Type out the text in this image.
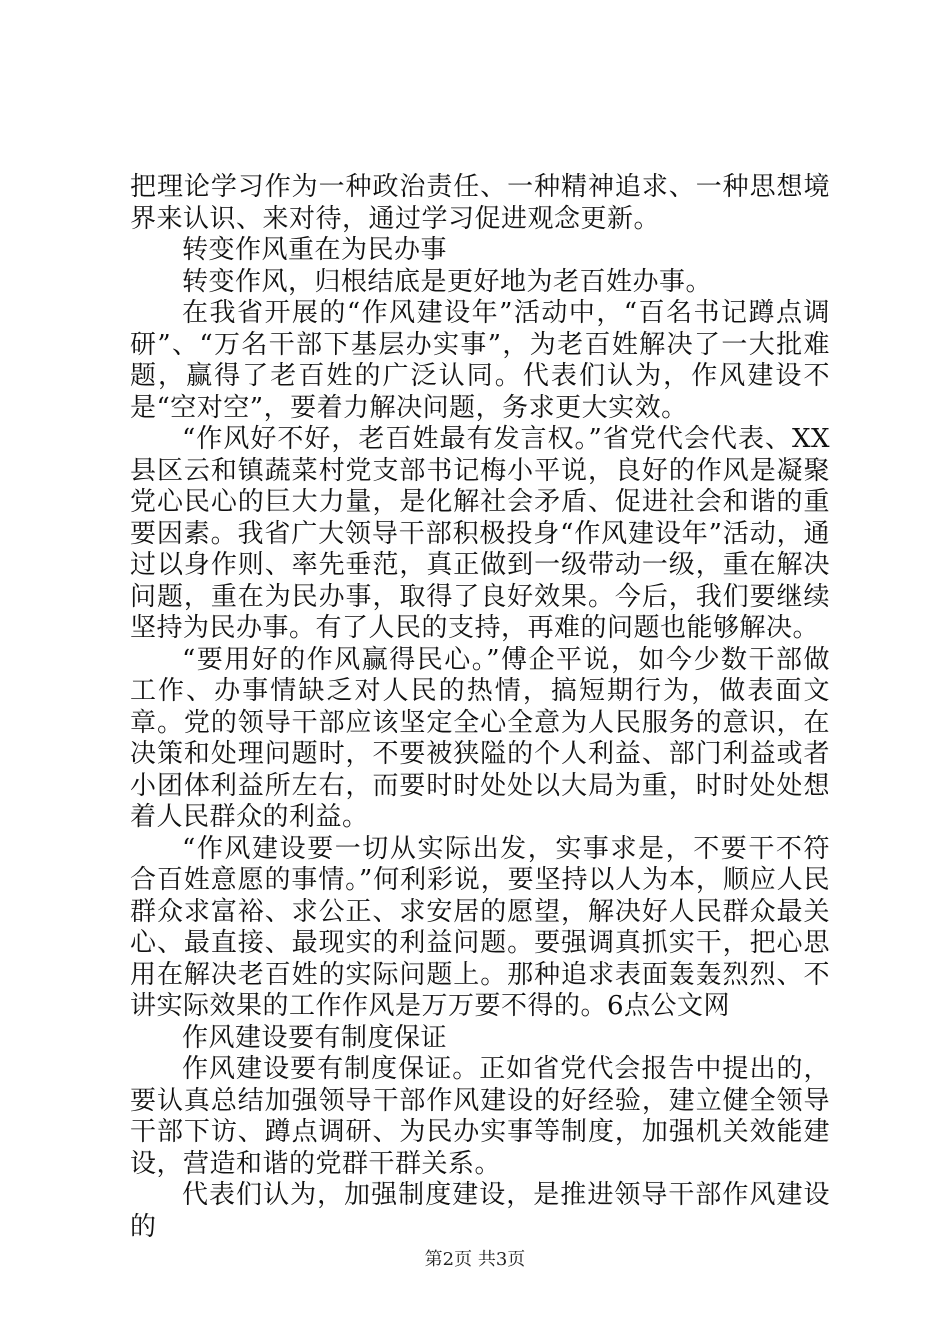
把理论学习作为一种政治责任、一种精神追求、一种思想境界来认识、来对待，通过学习促进观念更新。

转变作风重在为民办事

转变作风，归根结底是更好地为老百姓办事。

在我省开展的“作风建设年”活动中，“百名书记蹲点调研”、“万名干部下基层办实事”，为老百姓解决了一大批难题，赢得了老百姓的广泛认同。代表们认为，作风建设不是“空对空”，要着力解决问题，务求更大实效。

“作风好不好，老百姓最有发言权。”省党代会代表、XX县区云和镇蔬菜村党支部书记梅小平说，良好的作风是凝聚党心民心的巨大力量，是化解社会矛盾、促进社会和谐的重要因素。我省广大领导干部积极投身“作风建设年”活动，通过以身作则、率先垂范，真正做到一级带动一级，重在解决问题，重在为民办事，取得了良好效果。今后，我们要继续坚持为民办事。有了人民的支持，再难的问题也能够解决。

“要用好的作风赢得民心。”傅企平说，如今少数干部做工作、办事情缺乏对人民的热情，搞短期行为，做表面文章。党的领导干部应该坚定全心全意为人民服务的意识，在决策和处理问题时，不要被狭隘的个人利益、部门利益或者小团体利益所左右，而要时时处处以大局为重，时时处处想着人民群众的利益。

“作风建设要一切从实际出发，实事求是，不要干不符合百姓意愿的事情。”何利彩说，要坚持以人为本，顺应人民群众求富裕、求公正、求安居的愿望，解决好人民群众最关心、最直接、最现实的利益问题。要强调真抓实干，把心思用在解决老百姓的实际问题上。那种追求表面轰轰烈烈、不讲实际效果的工作作风是万万要不得的。6点公文网

作风建设要有制度保证

作风建设要有制度保证。正如省党代会报告中提出的，要认真总结加强领导干部作风建设的好经验，建立健全领导干部下访、蹲点调研、为民办实事等制度，加强机关效能建设，营造和谐的党群干群关系。

代表们认为，加强制度建设，是推进领导干部作风建设的

第2页 共3页
